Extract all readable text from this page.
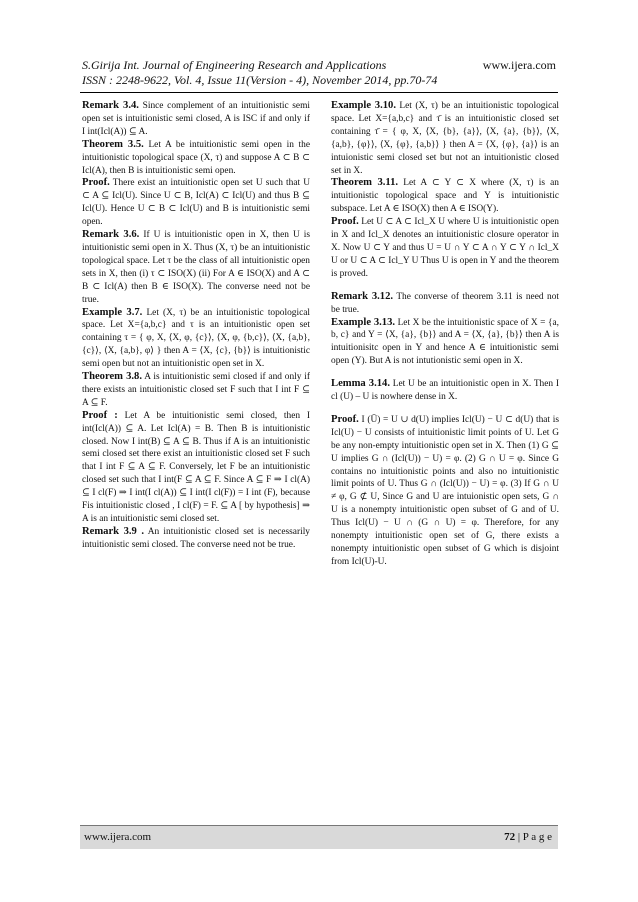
S.Girija Int. Journal of Engineering Research and Applications
ISSN : 2248-9622, Vol. 4, Issue 11(Version - 4), November 2014, pp.70-74
www.ijera.com

Remark 3.4. Since complement of an intuitionistic semi open set is intuitionistic semi closed, A is ISC if and only if I int(Icl(A)) ⊆ A.

Theorem 3.5. Let A be intuitionistic semi open in the intuitionistic topological space (X, τ) and suppose A ⊂ B ⊂ Icl(A), then B is intuitionistic semi open.

Proof. There exist an intuitionistic open set U such that U ⊂ A ⊆ Icl(U). Since U ⊂ B, Icl(A) ⊂ Icl(U) and thus B ⊆ Icl(U). Hence U ⊂ B ⊂ Icl(U) and B is intuitionistic semi open.

Remark 3.6. If U is intuitionistic open in X, then U is intuitionistic semi open in X. Thus (X, τ) be an intuitionistic topological space. Let τ be the class of all intuitionistic open sets in X, then (i) τ ⊂ ISO(X) (ii) For A ∈ ISO(X) and A ⊂ B ⊂ Icl(A) then B ∈ ISO(X). The converse need not be true.

Example 3.7. Let (X, τ) be an intuitionistic topological space. Let X={a,b,c} and τ is an intuitionistic open set containing τ = { φ, X, ⟨X, φ, {c}⟩, ⟨X, φ, {b,c}⟩, ⟨X, {a,b}, {c}⟩, ⟨X, {a,b}, φ⟩ } then A = ⟨X, {c}, {b}⟩ is intuitionistic semi open but not an intuitionistic open set in X.

Theorem 3.8. A is intuitionistic semi closed if and only if there exists an intuitionistic closed set F such that I int F ⊆ A ⊆ F.

Proof : Let A be intuitionistic semi closed, then I int(Icl(A)) ⊆ A. Let Icl(A) = B. Then B is intuitionistic closed. Now I int(B) ⊆ A ⊆ B. Thus if A is an intuitionistic semi closed set there exist an intuitionistic closed set F such that I int F ⊆ A ⊆ F. Conversely, let F be an intuitionistic closed set such that I int(F ⊆ A ⊆ F. Since A ⊆ F ⇒ I cl(A) ⊆ I cl(F) ⇒ I int(I cl(A)) ⊆ I int(I cl(F)) = I int (F), because Fis intuitionistic closed , I cl(F) = F. ⊆ A [ by hypothesis] ⇒ A is an intuitionistic semi closed set.

Remark 3.9 . An intuitionistic closed set is necessarily intuitionistic semi closed. The converse need not be true.

Example 3.10. Let (X, τ) be an intuitionistic topological space. Let X={a,b,c} and τ̄ is an intuitionistic closed set containing τ̄ = { φ, X, ⟨X, {b}, {a}⟩, ⟨X, {a}, {b}⟩, ⟨X, {a,b}, {φ}⟩, ⟨X, {φ}, {a,b}⟩ } then A = ⟨X, {φ}, {a}⟩ is an intuionistic semi closed set but not an intuitionistic closed set in X.

Theorem 3.11. Let A ⊂ Y ⊂ X where (X, τ) is an intuitionistic topological space and Y is intuitionistic subspace. Let A ∈ ISO(X) then A ∈ ISO(Y).

Proof. Let U ⊂ A ⊂ Icl_X U where U is intuitionistic open in X and Icl_X denotes an intuitionistic closure operator in X. Now U ⊂ Y and thus U = U ∩ Y ⊂ A ∩ Y ⊂ Y ∩ Icl_X U or U ⊂ A ⊂ Icl_Y U Thus U is open in Y and the theorem is proved.

Remark 3.12. The converse of theorem 3.11 is need not be true.

Example 3.13. Let X be the intuitionistic space of X = {a, b, c} and Y = ⟨X, {a}, {b}⟩ and A = ⟨X, {a}, {b}⟩ then A is intuitionisitc open in Y and hence A ∈ intuitionistic semi open (Y). But A is not intutionistic semi open in X.

Lemma 3.14. Let U be an intuitionistic open in X. Then I cl (U) – U is nowhere dense in X.

Proof. I (Ū) = U ∪ d(U) implies Icl(U) − U ⊂ d(U) that is Icl(U) − U consists of intuitionistic limit points of U. Let G be any non-empty intuitionistic open set in X. Then (1) G ⊆ U implies G ∩ (Icl(U)) − U) = φ. (2) G ∩ U = φ. Since G contains no intuitionistic points and also no intuitionistic limit points of U. Thus G ∩ (Icl(U)) − U) = φ. (3) If G ∩ U ≠ φ, G ⊄ U, Since G and U are intuionistic open sets, G ∩ U is a nonempty intuitionistic open subset of G and of U. Thus Icl(U) − U ∩ (G ∩ U) = φ. Therefore, for any nonempty intuitionistic open set of G, there exists a nonempty intuitionistic open subset of G which is disjoint from Icl(U)-U.

www.ijera.com	72 | P a g e
